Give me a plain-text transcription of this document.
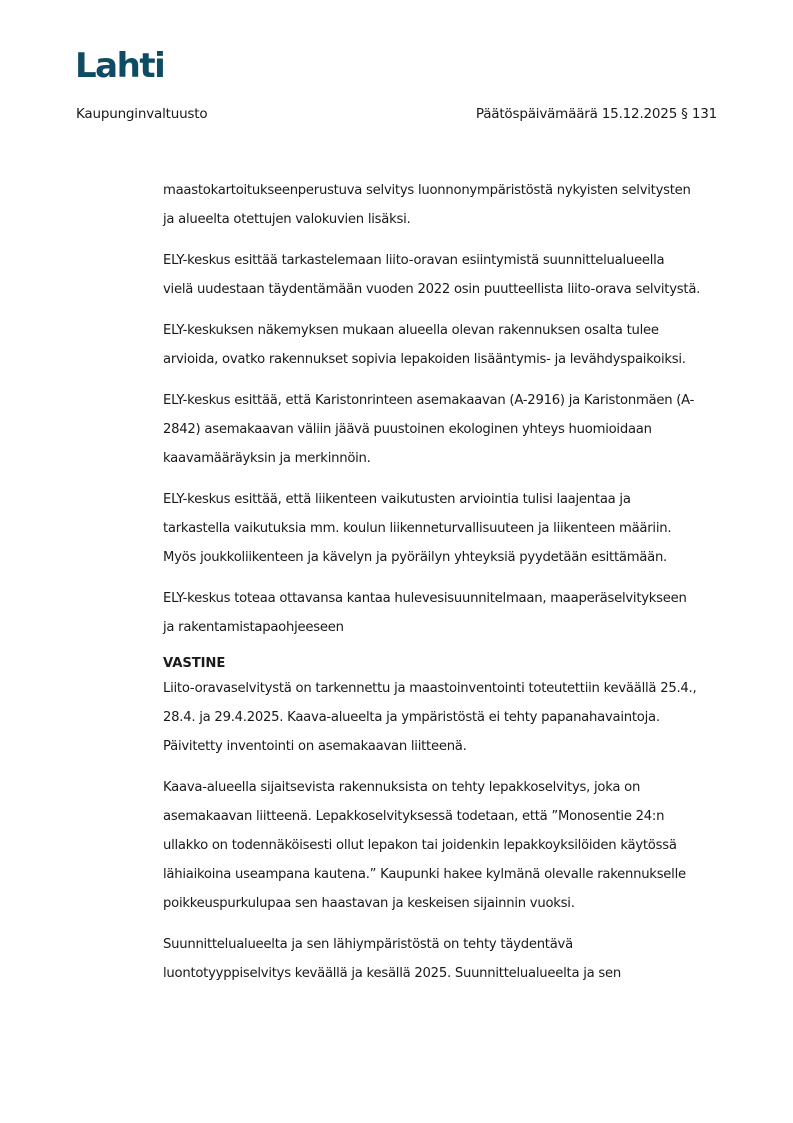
Lahti
Kaupunginvaltuusto	Päätöspäivämäärä 15.12.2025 § 131
maastokartoitukseenperustuva selvitys luonnonympäristöstä nykyisten selvitysten
ja alueelta otettujen valokuvien lisäksi.
ELY-keskus esittää tarkastelemaan liito-oravan esiintymistä suunnittelualueella
vielä uudestaan täydentämään vuoden 2022 osin puutteellista liito-orava selvitystä.
ELY-keskuksen näkemyksen mukaan alueella olevan rakennuksen osalta tulee
arvioida, ovatko rakennukset sopivia lepakoiden lisääntymis- ja levähdyspaikoiksi.
ELY-keskus esittää, että Karistonrinteen asemakaavan (A-2916) ja Karistonmäen (A-
2842) asemakaavan väliin jäävä puustoinen ekologinen yhteys huomioidaan
kaavamääräyksin ja merkinnöin.
ELY-keskus esittää, että liikenteen vaikutusten arviointia tulisi laajentaa ja
tarkastella vaikutuksia mm. koulun liikenneturvallisuuteen ja liikenteen määriin.
Myös joukkoliikenteen ja kävelyn ja pyöräilyn yhteyksiä pyydetään esittämään.
ELY-keskus toteaa ottavansa kantaa hulevesisuunnitelmaan, maaperäselvitykseen
ja rakentamistapaohjeeseen
VASTINE
Liito-oravaselvitystä on tarkennettu ja maastoinventointi toteutettiin keväällä 25.4.,
28.4. ja 29.4.2025. Kaava-alueelta ja ympäristöstä ei tehty papanahavaintoja.
Päivitetty inventointi on asemakaavan liitteenä.
Kaava-alueella sijaitsevista rakennuksista on tehty lepakkoselvitys, joka on
asemakaavan liitteenä. Lepakkoselvityksessä todetaan, että ”Monosentie 24:n
ullakko on todennäköisesti ollut lepakon tai joidenkin lepakkoyksilöiden käytössä
lähiaikoina useampana kautena.” Kaupunki hakee kylmänä olevalle rakennukselle
poikkeuspurkulupaa sen haastavan ja keskeisen sijainnin vuoksi.
Suunnittelualueelta ja sen lähiympäristöstä on tehty täydentävä
luontotyyppiselvitys keväällä ja kesällä 2025. Suunnittelualueelta ja sen
